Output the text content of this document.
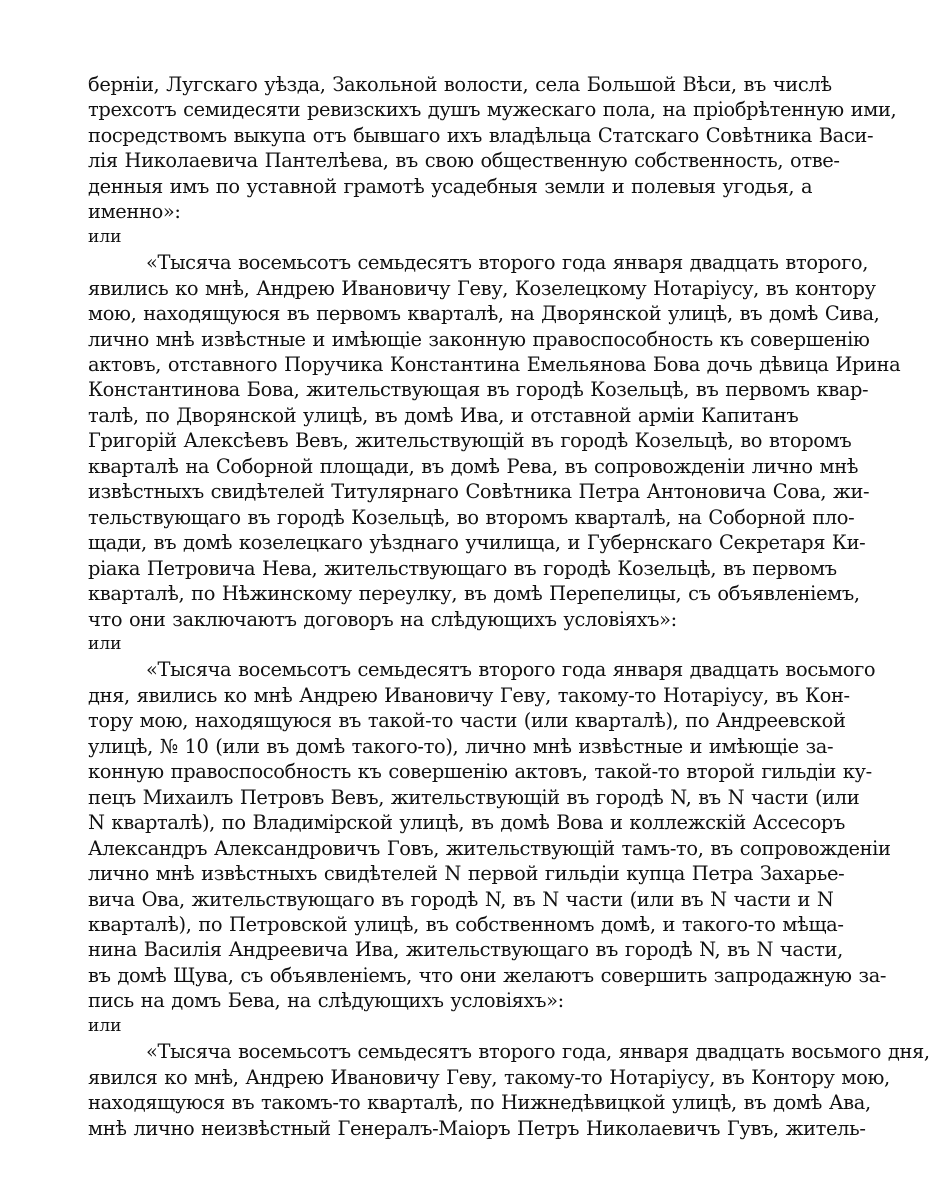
берніи, Лугскаго уѣзда, Закольной волости, села Большой Вѣси, въ числѣ
трехсотъ семидесяти ревизскихъ душъ мужескаго пола, на пріобрѣтенную ими,
посредствомъ выкупа отъ бывшаго ихъ владѣльца Статскаго Совѣтника Васи-
лія Николаевича Пантелѣева, въ свою общественную собственность, отве-
денныя имъ по уставной грамотѣ усадебныя земли и полевыя угодья, а
именно»:
или
«Тысяча восемьсотъ семьдесятъ второго года января двадцать второго,
явились ко мнѣ, Андрею Ивановичу Геву, Козелецкому Нотаріусу, въ контору
мою, находящуюся въ первомъ кварталѣ, на Дворянской улицѣ, въ домѣ Сива,
лично мнѣ извѣстные и имѣющіе законную правоспособность къ совершенію
актовъ, отставного Поручика Константина Емельянова Бова дочь дѣвица Ирина
Константинова Бова, жительствующая въ городѣ Козельцѣ, въ первомъ квар-
талѣ, по Дворянской улицѣ, въ домѣ Ива, и отставной арміи Капитанъ
Григорій Алексѣевъ Вевъ, жительствующій въ городѣ Козельцѣ, во второмъ
кварталѣ на Соборной площади, въ домѣ Рева, въ сопровожденіи лично мнѣ
извѣстныхъ свидѣтелей Титулярнаго Совѣтника Петра Антоновича Сова, жи-
тельствующаго въ городѣ Козельцѣ, во второмъ кварталѣ, на Соборной пло-
щади, въ домѣ козелецкаго уѣзднаго училища, и Губернскаго Секретаря Ки-
ріака Петровича Нева, жительствующаго въ городѣ Козельцѣ, въ первомъ
кварталѣ, по Нѣжинскому переулку, въ домѣ Перепелицы, съ объявленіемъ,
что они заключаютъ договоръ на слѣдующихъ условіяхъ»:
или
«Тысяча восемьсотъ семьдесятъ второго года января двадцать восьмого
дня, явились ко мнѣ Андрею Ивановичу Геву, такому-то Нотаріусу, въ Кон-
тору мою, находящуюся въ такой-то части (или кварталѣ), по Андреевской
улицѣ, № 10 (или въ домѣ такого-то), лично мнѣ извѣстные и имѣющіе за-
конную правоспособность къ совершенію актовъ, такой-то второй гильдіи ку-
пецъ Михаилъ Петровъ Вевъ, жительствующій въ городѣ N, въ N части (или
N кварталѣ), по Владимірской улицѣ, въ домѣ Вова и коллежскій Ассесоръ
Александръ Александровичъ Говъ, жительствующій тамъ-то, въ сопровожденіи
лично мнѣ извѣстныхъ свидѣтелей N первой гильдіи купца Петра Захарье-
вича Ова, жительствующаго въ городѣ N, въ N части (или въ N части и N
кварталѣ), по Петровской улицѣ, въ собственномъ домѣ, и такого-то мѣща-
нина Василія Андреевича Ива, жительствующаго въ городѣ N, въ N части,
въ домѣ Щува, съ объявленіемъ, что они желаютъ совершить запродажную за-
пись на домъ Бева, на слѣдующихъ условіяхъ»:
или
«Тысяча восемьсотъ семьдесятъ второго года, января двадцать восьмого дня,
явился ко мнѣ, Андрею Ивановичу Геву, такому-то Нотаріусу, въ Контору мою,
находящуюся въ такомъ-то кварталѣ, по Нижнедѣвицкой улицѣ, въ домѣ Ава,
мнѣ лично неизвѣстный Генералъ-Маіоръ Петръ Николаевичъ Гувъ, житель-
